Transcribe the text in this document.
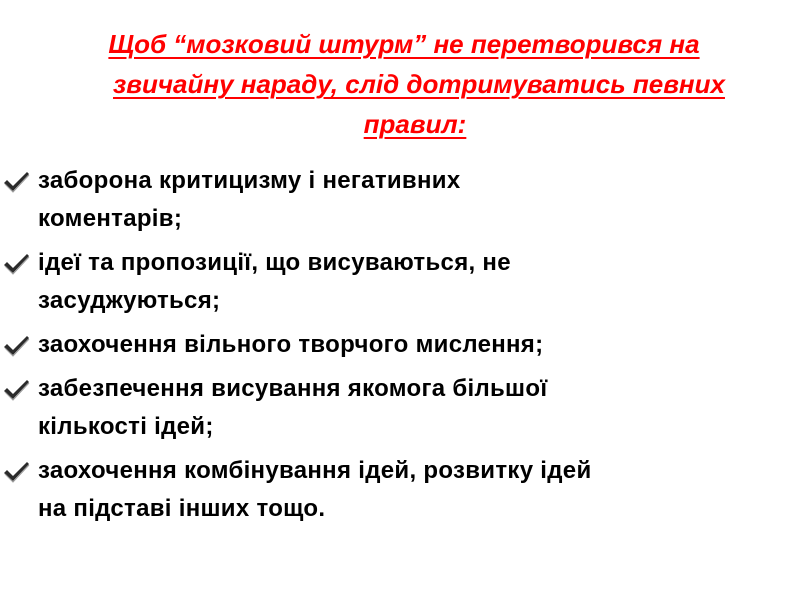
Щоб “мозковий штурм” не перетворився на
звичайну нараду, слід дотримуватись певних
правил:
заборона критицизму і негативних
коментарів;
ідеї та пропозиції, що висуваються, не
засуджуються;
заохочення вільного творчого мислення;
забезпечення висування якомога більшої
кількості ідей;
заохочення комбінування ідей, розвитку ідей
на підставі інших тощо.
